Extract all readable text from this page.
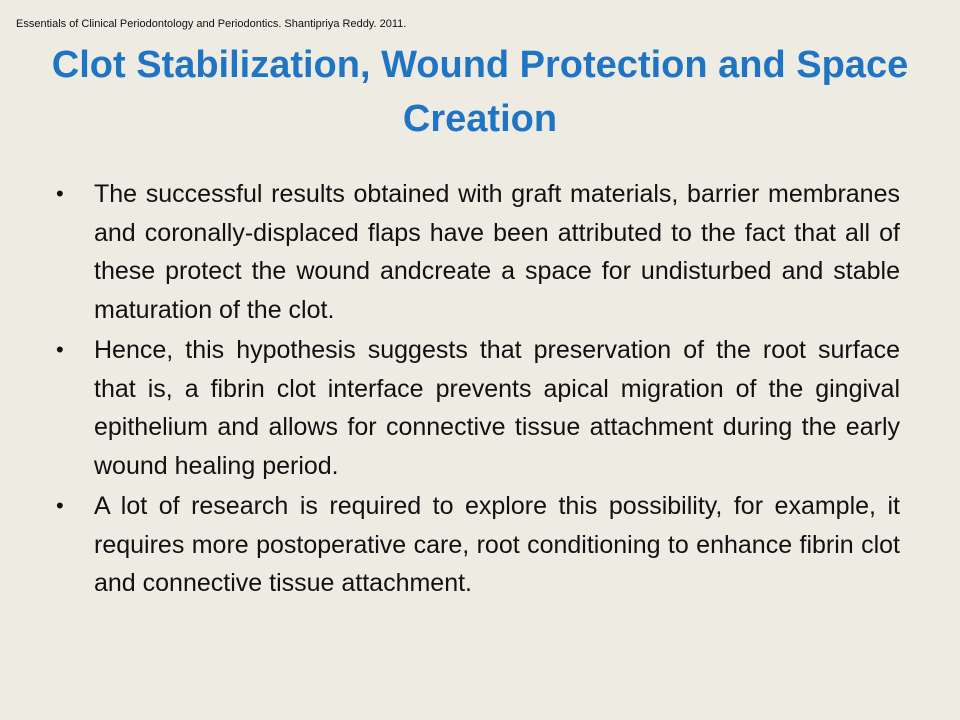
Essentials of Clinical Periodontology and Periodontics. Shantipriya Reddy. 2011.
Clot Stabilization, Wound Protection and Space Creation
• The successful results obtained with graft materials, barrier membranes and coronally-displaced flaps have been attributed to the fact that all of these protect the wound andcreate a space for undisturbed and stable maturation of the clot.
• Hence, this hypothesis suggests that preservation of the root surface that is, a fibrin clot interface prevents apical migration of the gingival epithelium and allows for connective tissue attachment during the early wound healing period.
• A lot of research is required to explore this possibility, for example, it requires more postoperative care, root conditioning to enhance fibrin clot and connective tissue attachment.
